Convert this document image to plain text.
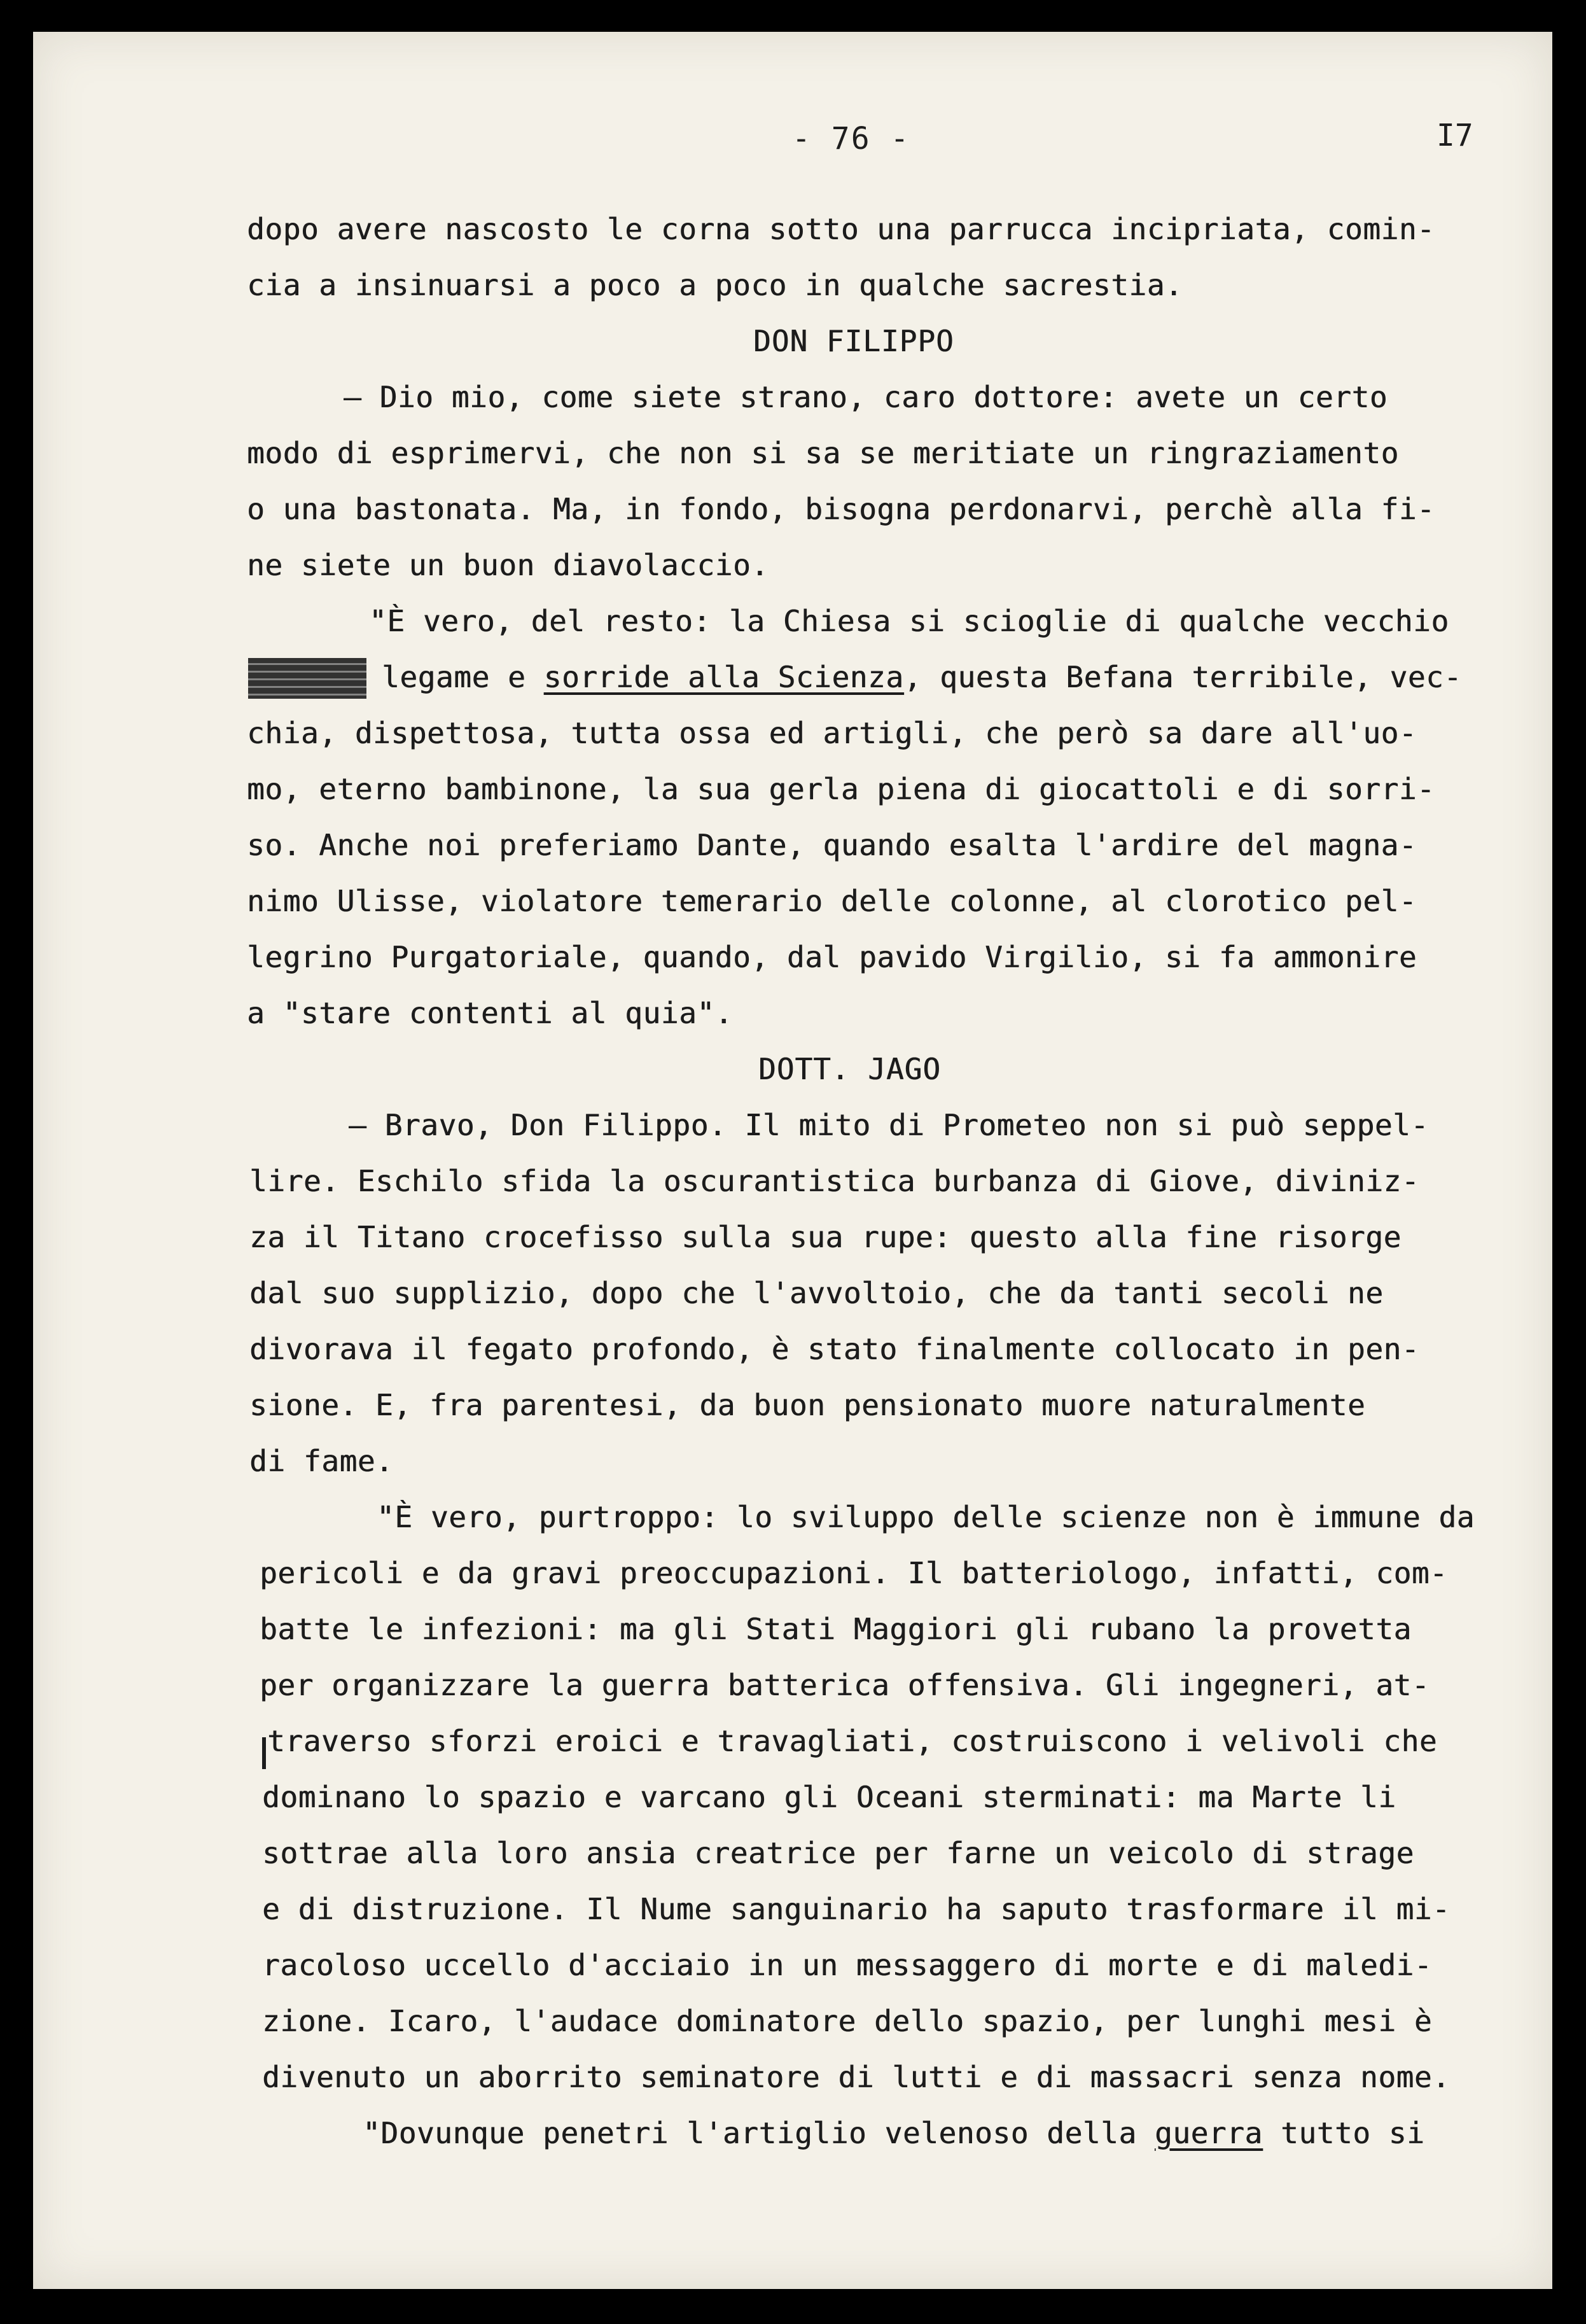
- 76 -	I7
dopo avere nascosto le corna sotto una parrucca incipriata, comin-
cia a insinuarsi a poco a poco in qualche sacrestia.
DON FILIPPO
— Dio mio, come siete strano, caro dottore: avete un certo
modo di esprimervi, che non si sa se meritiate un ringraziamento
o una bastonata. Ma, in fondo, bisogna perdonarvi, perchè alla fi-
ne siete un buon diavolaccio.
"È vero, del resto: la Chiesa si scioglie di qualche vecchio
legame e sorride alla Scienza, questa Befana terribile, vec-
chia, dispettosa, tutta ossa ed artigli, che però sa dare all'uo-
mo, eterno bambinone, la sua gerla piena di giocattoli e di sorri-
so. Anche noi preferiamo Dante, quando esalta l'ardire del magna-
nimo Ulisse, violatore temerario delle colonne, al clorotico pel-
legrino Purgatoriale, quando, dal pavido Virgilio, si fa ammonire
a "stare contenti al quia".
DOTT. JAGO
— Bravo, Don Filippo. Il mito di Prometeo non si può seppel-
lire. Eschilo sfida la oscurantistica burbanza di Giove, diviniz-
za il Titano crocefisso sulla sua rupe: questo alla fine risorge
dal suo supplizio, dopo che l'avvoltoio, che da tanti secoli ne
divorava il fegato profondo, è stato finalmente collocato in pen-
sione. E, fra parentesi, da buon pensionato muore naturalmente
di fame.
"È vero, purtroppo: lo sviluppo delle scienze non è immune da
pericoli e da gravi preoccupazioni. Il batteriologo, infatti, com-
batte le infezioni: ma gli Stati Maggiori gli rubano la provetta
per organizzare la guerra batterica offensiva. Gli ingegneri, at-
traverso sforzi eroici e travagliati, costruiscono i velivoli che
dominano lo spazio e varcano gli Oceani sterminati: ma Marte li
sottrae alla loro ansia creatrice per farne un veicolo di strage
e di distruzione. Il Nume sanguinario ha saputo trasformare il mi-
racoloso uccello d'acciaio in un messaggero di morte e di maledi-
zione. Icaro, l'audace dominatore dello spazio, per lunghi mesi è
divenuto un aborrito seminatore di lutti e di massacri senza nome.
"Dovunque penetri l'artiglio velenoso della guerra tutto si
